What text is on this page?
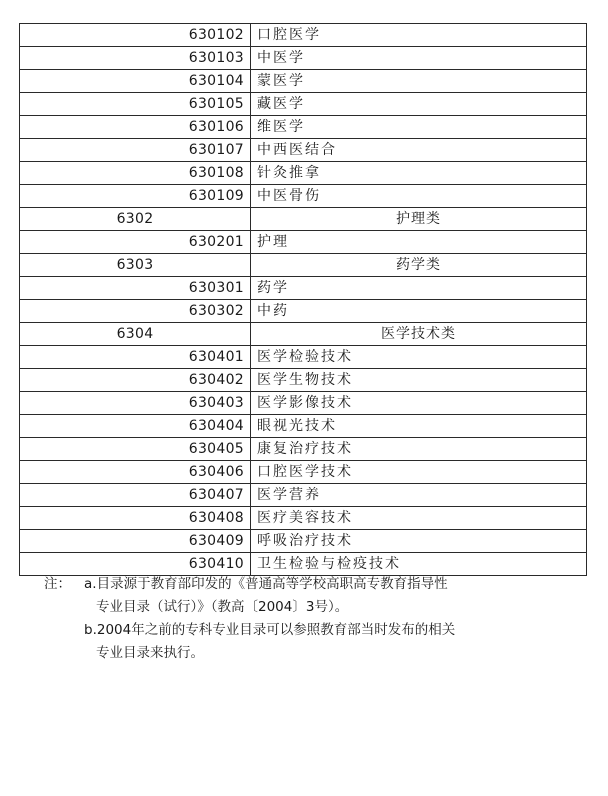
630102	口腔医学
630103	中医学
630104	蒙医学
630105	藏医学
630106	维医学
630107	中西医结合
630108	针灸推拿
630109	中医骨伤
6302	护理类
630201	护理
6303	药学类
630301	药学
630302	中药
6304	医学技术类
630401	医学检验技术
630402	医学生物技术
630403	医学影像技术
630404	眼视光技术
630405	康复治疗技术
630406	口腔医学技术
630407	医学营养
630408	医疗美容技术
630409	呼吸治疗技术
630410	卫生检验与检疫技术
注： a.目录源于教育部印发的《普通高等学校高职高专教育指导性
专业目录（试行）》（教高〔2004〕3号）。
b.2004年之前的专科专业目录可以参照教育部当时发布的相关
专业目录来执行。
